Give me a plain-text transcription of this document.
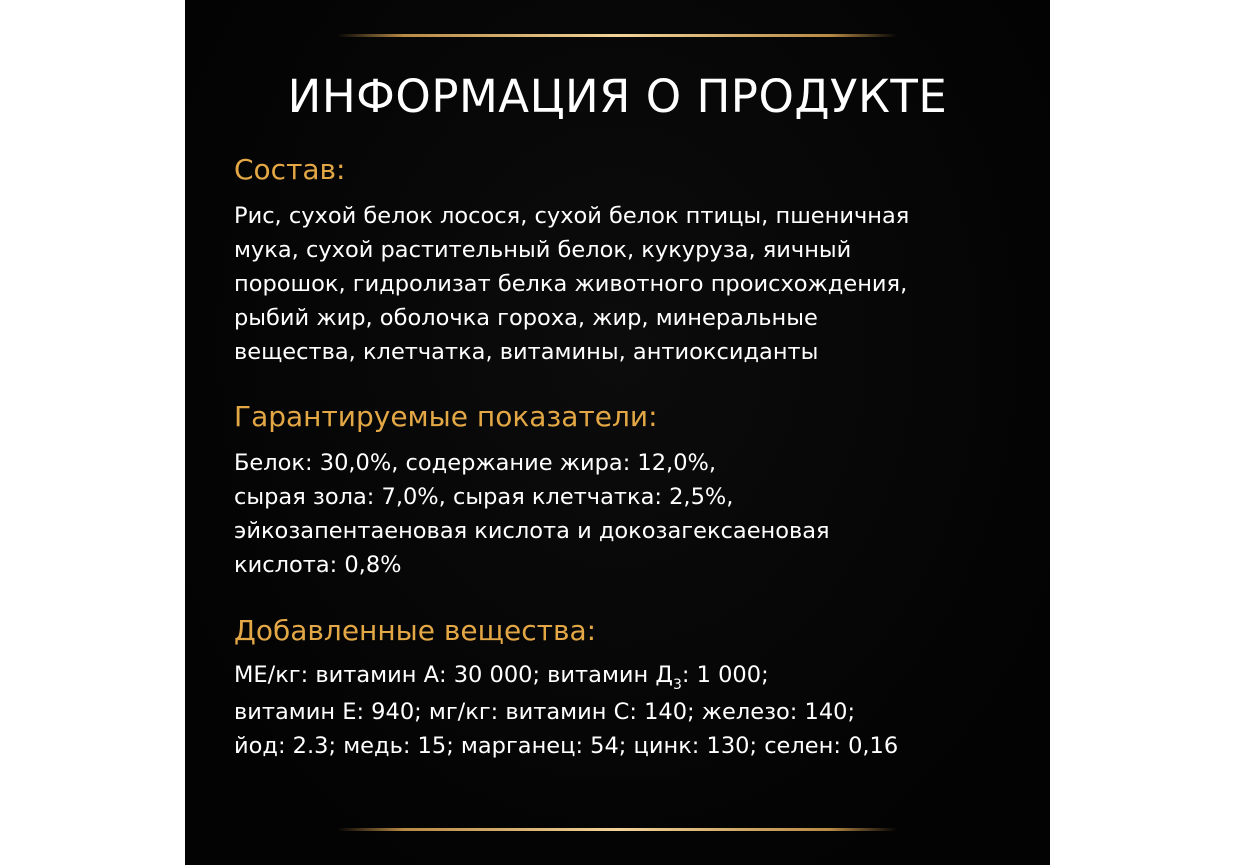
ИНФОРМАЦИЯ О ПРОДУКТЕ
Состав:
Рис, сухой белок лосося, сухой белок птицы, пшеничная
мука, сухой растительный белок, кукуруза, яичный
порошок, гидролизат белка животного происхождения,
рыбий жир, оболочка гороха, жир, минеральные
вещества, клетчатка, витамины, антиоксиданты
Гарантируемые показатели:
Белок: 30,0%, содержание жира: 12,0%,
сырая зола: 7,0%, сырая клетчатка: 2,5%,
эйкозапентаеновая кислота и докозагексаеновая
кислота: 0,8%
Добавленные вещества:
МЕ/кг: витамин А: 30 000; витамин $Д_3$: 1 000;
витамин Е: 940; мг/кг: витамин С: 140; железо: 140;
йод: 2.3; медь: 15; марганец: 54; цинк: 130; селен: 0,16
